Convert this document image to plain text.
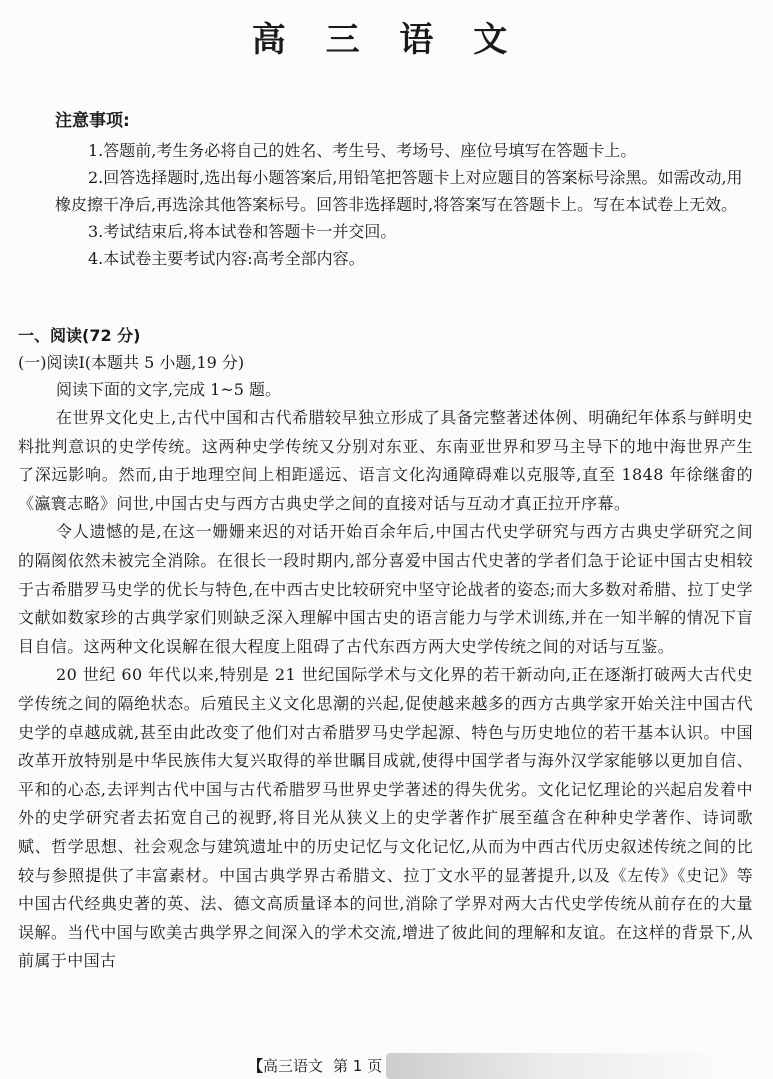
高 三 语 文
注意事项:

1.答题前,考生务必将自己的姓名、考生号、考场号、座位号填写在答题卡上。

2.回答选择题时,选出每小题答案后,用铅笔把答题卡上对应题目的答案标号涂黑。如需改动,用橡皮擦干净后,再选涂其他答案标号。回答非选择题时,将答案写在答题卡上。写在本试卷上无效。

3.考试结束后,将本试卷和答题卡一并交回。

4.本试卷主要考试内容:高考全部内容。

一、阅读(72 分)
(一)阅读Ⅰ(本题共 5 小题,19 分)

阅读下面的文字,完成 1~5 题。

在世界文化史上,古代中国和古代希腊较早独立形成了具备完整著述体例、明确纪年体系与鲜明史料批判意识的史学传统。这两种史学传统又分别对东亚、东南亚世界和罗马主导下的地中海世界产生了深远影响。然而,由于地理空间上相距遥远、语言文化沟通障碍难以克服等,直至 1848 年徐继畬的《瀛寰志略》问世,中国古史与西方古典史学之间的直接对话与互动才真正拉开序幕。

令人遗憾的是,在这一姗姗来迟的对话开始百余年后,中国古代史学研究与西方古典史学研究之间的隔阂依然未被完全消除。在很长一段时期内,部分喜爱中国古代史著的学者们急于论证中国古史相较于古希腊罗马史学的优长与特色,在中西古史比较研究中坚守论战者的姿态;而大多数对希腊、拉丁史学文献如数家珍的古典学家们则缺乏深入理解中国古史的语言能力与学术训练,并在一知半解的情况下盲目自信。这两种文化误解在很大程度上阻碍了古代东西方两大史学传统之间的对话与互鉴。

20 世纪 60 年代以来,特别是 21 世纪国际学术与文化界的若干新动向,正在逐渐打破两大古代史学传统之间的隔绝状态。后殖民主义文化思潮的兴起,促使越来越多的西方古典学家开始关注中国古代史学的卓越成就,甚至由此改变了他们对古希腊罗马史学起源、特色与历史地位的若干基本认识。中国改革开放特别是中华民族伟大复兴取得的举世瞩目成就,使得中国学者与海外汉学家能够以更加自信、平和的心态,去评判古代中国与古代希腊罗马世界史学著述的得失优劣。文化记忆理论的兴起启发着中外的史学研究者去拓宽自己的视野,将目光从狭义上的史学著作扩展至蕴含在种种史学著作、诗词歌赋、哲学思想、社会观念与建筑遗址中的历史记忆与文化记忆,从而为中西古代历史叙述传统之间的比较与参照提供了丰富素材。中国古典学界古希腊文、拉丁文水平的显著提升,以及《左传》《史记》等中国古代经典史著的英、法、德文高质量译本的问世,消除了学界对两大古代史学传统从前存在的大量误解。当代中国与欧美古典学界之间深入的学术交流,增进了彼此间的理解和友谊。在这样的背景下,从前属于中国古

【 高三语文 第 1 页
